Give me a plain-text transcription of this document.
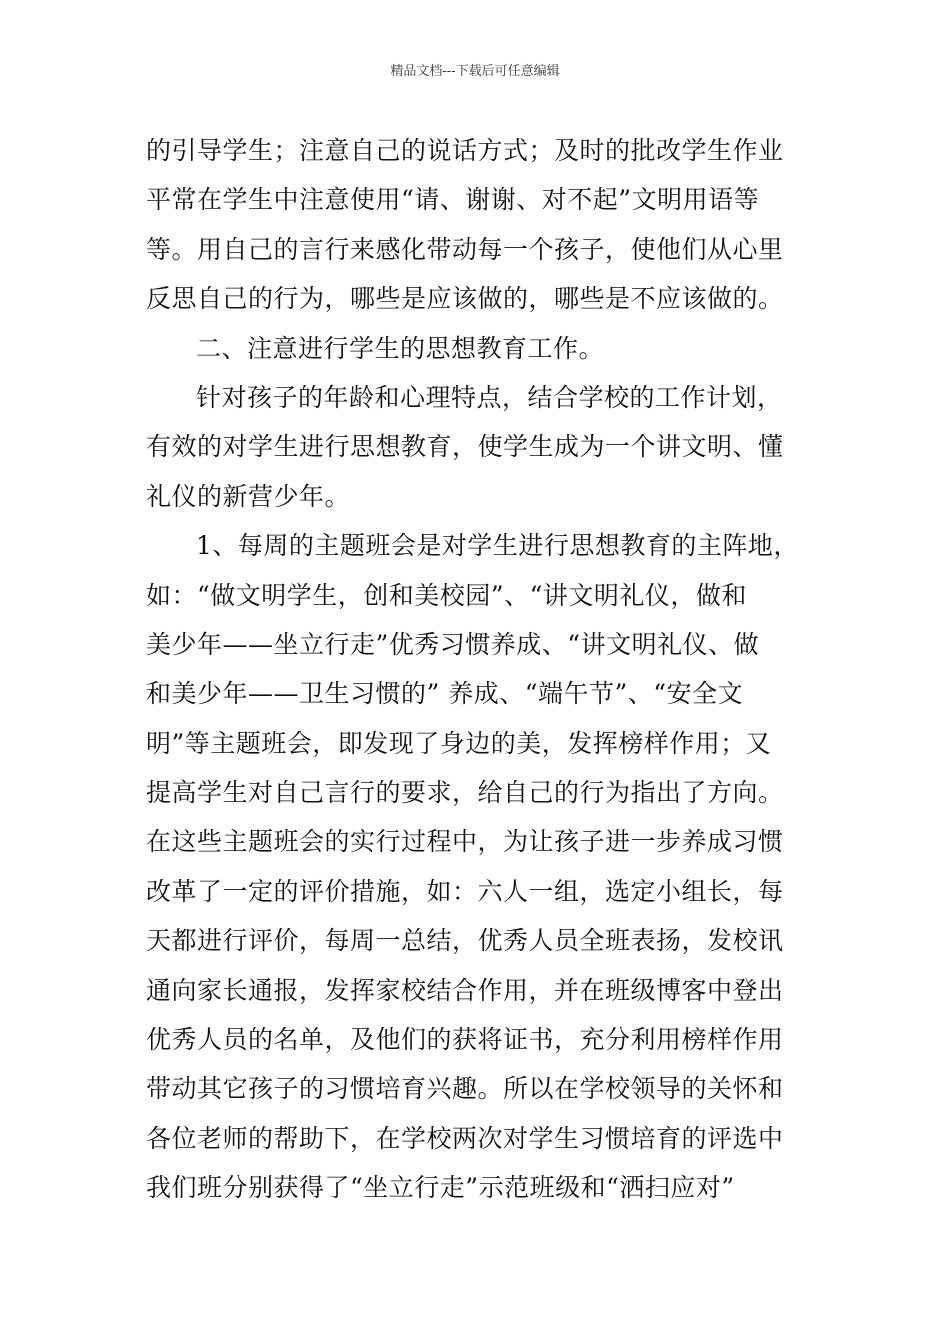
精品文档---下载后可任意编辑
的引导学生；注意自己的说话方式；及时的批改学生作业
平常在学生中注意使用“请、谢谢、对不起”文明用语等
等。用自己的言行来感化带动每一个孩子，使他们从心里
反思自己的行为，哪些是应该做的，哪些是不应该做的。
二、注意进行学生的思想教育工作。
针对孩子的年龄和心理特点，结合学校的工作计划，
有效的对学生进行思想教育，使学生成为一个讲文明、懂
礼仪的新营少年。
1、每周的主题班会是对学生进行思想教育的主阵地，
如：“做文明学生，创和美校园”、“讲文明礼仪，做和
美少年——坐立行走”优秀习惯养成、“讲文明礼仪、做
和美少年——卫生习惯的” 养成、“端午节”、“安全文
明”等主题班会，即发现了身边的美，发挥榜样作用；又
提高学生对自己言行的要求，给自己的行为指出了方向。
在这些主题班会的实行过程中，为让孩子进一步养成习惯
改革了一定的评价措施，如：六人一组，选定小组长，每
天都进行评价，每周一总结，优秀人员全班表扬，发校讯
通向家长通报，发挥家校结合作用，并在班级博客中登出
优秀人员的名单，及他们的获将证书，充分利用榜样作用
带动其它孩子的习惯培育兴趣。所以在学校领导的关怀和
各位老师的帮助下，在学校两次对学生习惯培育的评选中
我们班分别获得了“坐立行走”示范班级和“洒扫应对”
